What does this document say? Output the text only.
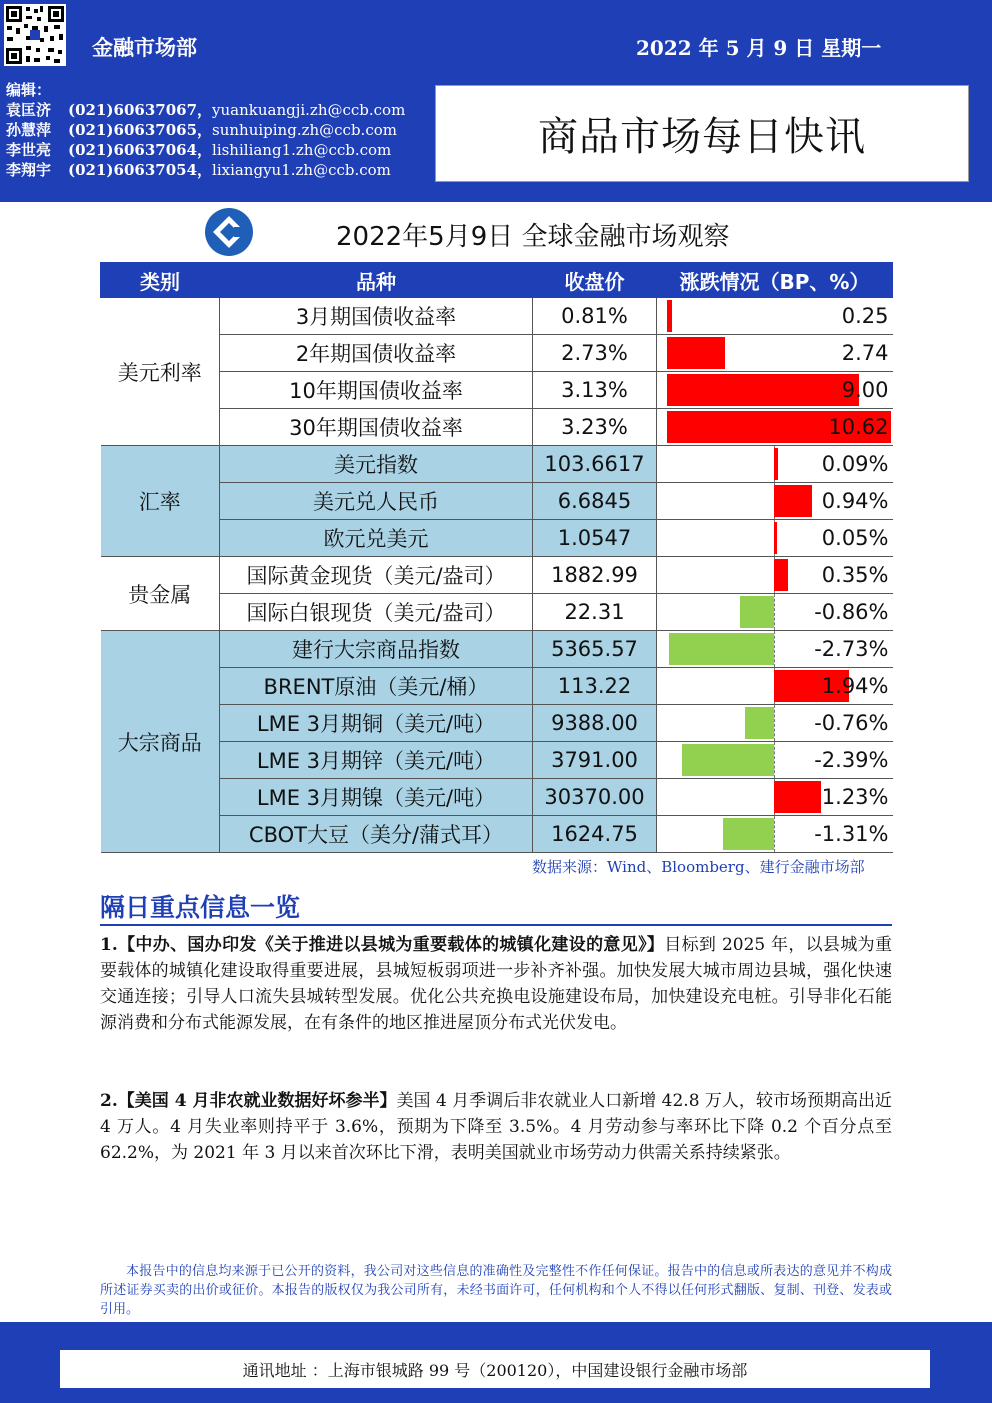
金融市场部	2022 年 5 月 9 日 星期一
编辑：
袁匡济 (021)60637067，yuankuangji.zh@ccb.com
孙慧萍 (021)60637065，sunhuiping.zh@ccb.com
李世亮 (021)60637064，lishiliang1.zh@ccb.com
李翔宇 (021)60637054，lixiangyu1.zh@ccb.com
商品市场每日快讯
2022年5月9日 全球金融市场观察
类别	品种	收盘价	涨跌情况（BP、%）
美元利率	3月期国债收益率	0.81%	0.25
	2年期国债收益率	2.73%	2.74
	10年期国债收益率	3.13%	9.00
	30年期国债收益率	3.23%	10.62
汇率	美元指数	103.6617	0.09%
	美元兑人民币	6.6845	0.94%
	欧元兑美元	1.0547	0.05%
贵金属	国际黄金现货（美元/盎司）	1882.99	0.35%
	国际白银现货（美元/盎司）	22.31	-0.86%
大宗商品	建行大宗商品指数	5365.57	-2.73%
	BRENT原油（美元/桶）	113.22	1.94%
	LME 3月期铜（美元/吨）	9388.00	-0.76%
	LME 3月期锌（美元/吨）	3791.00	-2.39%
	LME 3月期镍（美元/吨）	30370.00	1.23%
	CBOT大豆（美分/蒲式耳）	1624.75	-1.31%
数据来源：Wind、Bloomberg、建行金融市场部
隔日重点信息一览
1.【中办、国办印发《关于推进以县城为重要载体的城镇化建设的意见》】目标到 2025 年，以县城为重要载体的城镇化建设取得重要进展，县城短板弱项进一步补齐补强。加快发展大城市周边县城，强化快速交通连接；引导人口流失县城转型发展。优化公共充换电设施建设布局，加快建设充电桩。引导非化石能源消费和分布式能源发展，在有条件的地区推进屋顶分布式光伏发电。
2.【美国 4 月非农就业数据好坏参半】美国 4 月季调后非农就业人口新增 42.8 万人，较市场预期高出近 4 万人。4 月失业率则持平于 3.6%，预期为下降至 3.5%。4 月劳动参与率环比下降 0.2 个百分点至 62.2%，为 2021 年 3 月以来首次环比下滑，表明美国就业市场劳动力供需关系持续紧张。
本报告中的信息均来源于已公开的资料，我公司对这些信息的准确性及完整性不作任何保证。报告中的信息或所表达的意见并不构成所述证券买卖的出价或征价。本报告的版权仅为我公司所有，未经书面许可，任何机构和个人不得以任何形式翻版、复制、刊登、发表或引用。
通讯地址 ：上海市银城路 99 号（200120），中国建设银行金融市场部
